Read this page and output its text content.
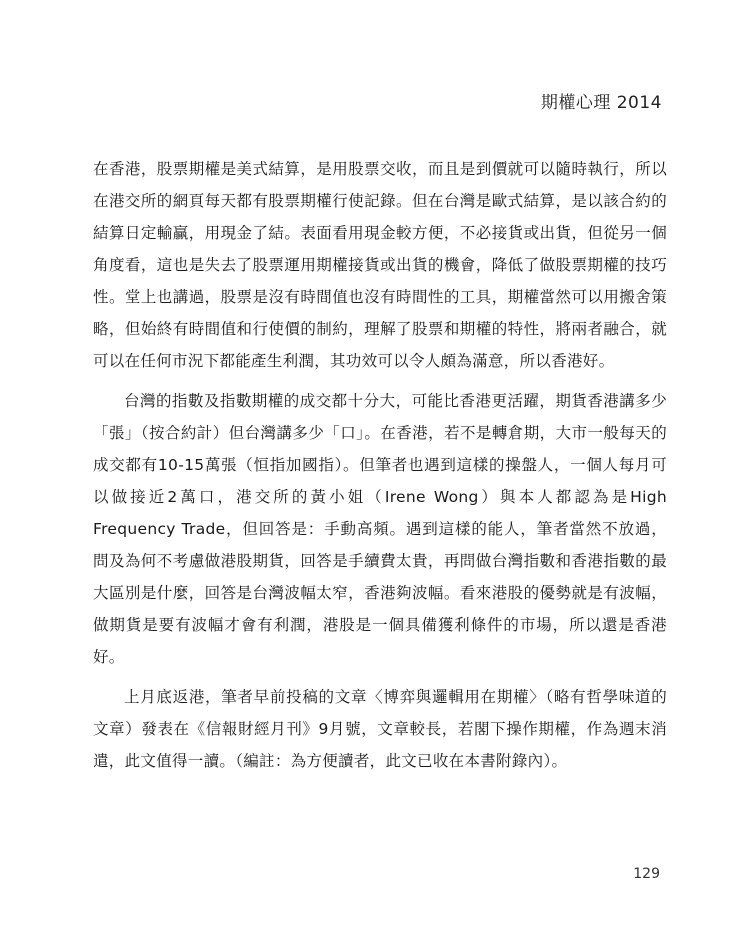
期權心理 2014

在香港，股票期權是美式結算，是用股票交收，而且是到價就可以隨時執行，所以在港交所的網頁每天都有股票期權行使記錄。但在台灣是歐式結算，是以該合約的結算日定輸贏，用現金了結。表面看用現金較方便，不必接貨或出貨，但從另一個角度看，這也是失去了股票運用期權接貨或出貨的機會，降低了做股票期權的技巧性。堂上也講過，股票是沒有時間值也沒有時間性的工具，期權當然可以用搬舍策略，但始終有時間值和行使價的制約，理解了股票和期權的特性，將兩者融合，就可以在任何市況下都能產生利潤，其功效可以令人頗為滿意，所以香港好。

台灣的指數及指數期權的成交都十分大，可能比香港更活躍，期貨香港講多少「張」（按合約計）但台灣講多少「口」。在香港，若不是轉倉期，大市一般每天的成交都有10-15萬張（恒指加國指）。但筆者也遇到這樣的操盤人，一個人每月可以做接近2萬口，港交所的黃小姐（Irene Wong）與本人都認為是High Frequency Trade，但回答是：手動高頻。遇到這樣的能人，筆者當然不放過，問及為何不考慮做港股期貨，回答是手續費太貴，再問做台灣指數和香港指數的最大區別是什麼，回答是台灣波幅太窄，香港夠波幅。看來港股的優勢就是有波幅，做期貨是要有波幅才會有利潤，港股是一個具備獲利條件的市場，所以還是香港好。

上月底返港，筆者早前投稿的文章〈博弈與邏輯用在期權〉（略有哲學味道的文章）發表在《信報財經月刊》9月號，文章較長，若閣下操作期權，作為週末消遣，此文值得一讀。（編註：為方便讀者，此文已收在本書附錄內）。

129
